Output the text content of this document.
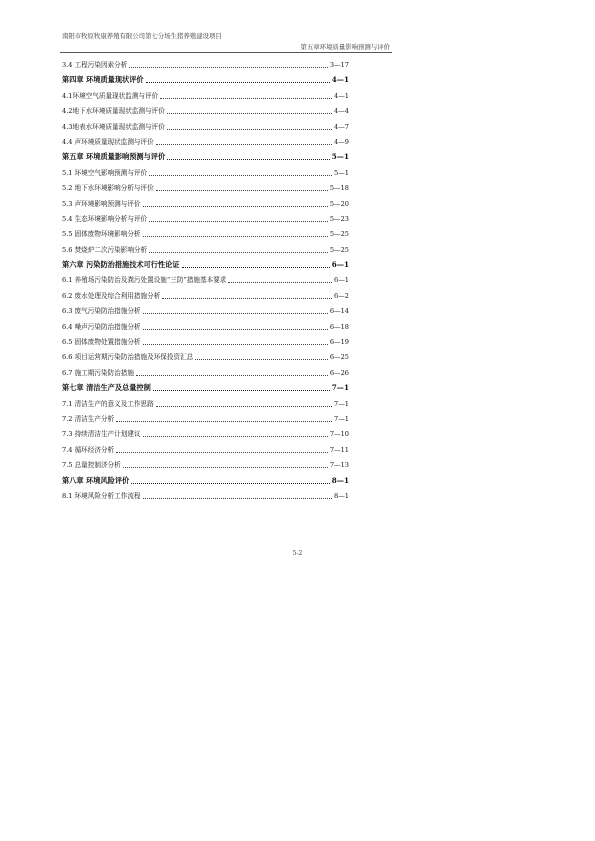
南阳市牧原牧康养殖有限公司第七分场生猪养殖建设项目
第五章环境质量影响预测与评价
3.4 工程污染因素分析	3—17
第四章 环境质量现状评价	4—1
4.1环境空气质量现状监测与评价	4—1
4.2地下水环境质量现状监测与评价	4—4
4.3地表水环境质量现状监测与评价	4—7
4.4 声环境质量现状监测与评价	4—9
第五章 环境质量影响预测与评价	5—1
5.1 环境空气影响预测与评价	5—1
5.2 地下水环境影响分析与评价	5—18
5.3 声环境影响预测与评价	5—20
5.4 生态环境影响分析与评价	5—23
5.5 固体废物环境影响分析	5—25
5.6 焚烧炉二次污染影响分析	5—25
第六章 污染防治措施技术可行性论证	6—1
6.1 养殖场污染防治及粪污处置设施“三防”措施基本要求	6—1
6.2 废水处理及综合利用措施分析	6—2
6.3 废气污染防治措施分析	6—14
6.4 噪声污染防治措施分析	6—18
6.5 固体废物处置措施分析	6—19
6.6 项目运营期污染防治措施及环保投资汇总	6—25
6.7 施工期污染防治措施	6—26
第七章 清洁生产及总量控制	7—1
7.1 清洁生产的意义及工作思路	7—1
7.2 清洁生产分析	7—1
7.3 持续清洁生产计划建议	7—10
7.4 循环经济分析	7—11
7.5 总量控制济分析	7—13
第八章 环境风险评价	8—1
8.1 环境风险分析工作流程	8—1
5-2
